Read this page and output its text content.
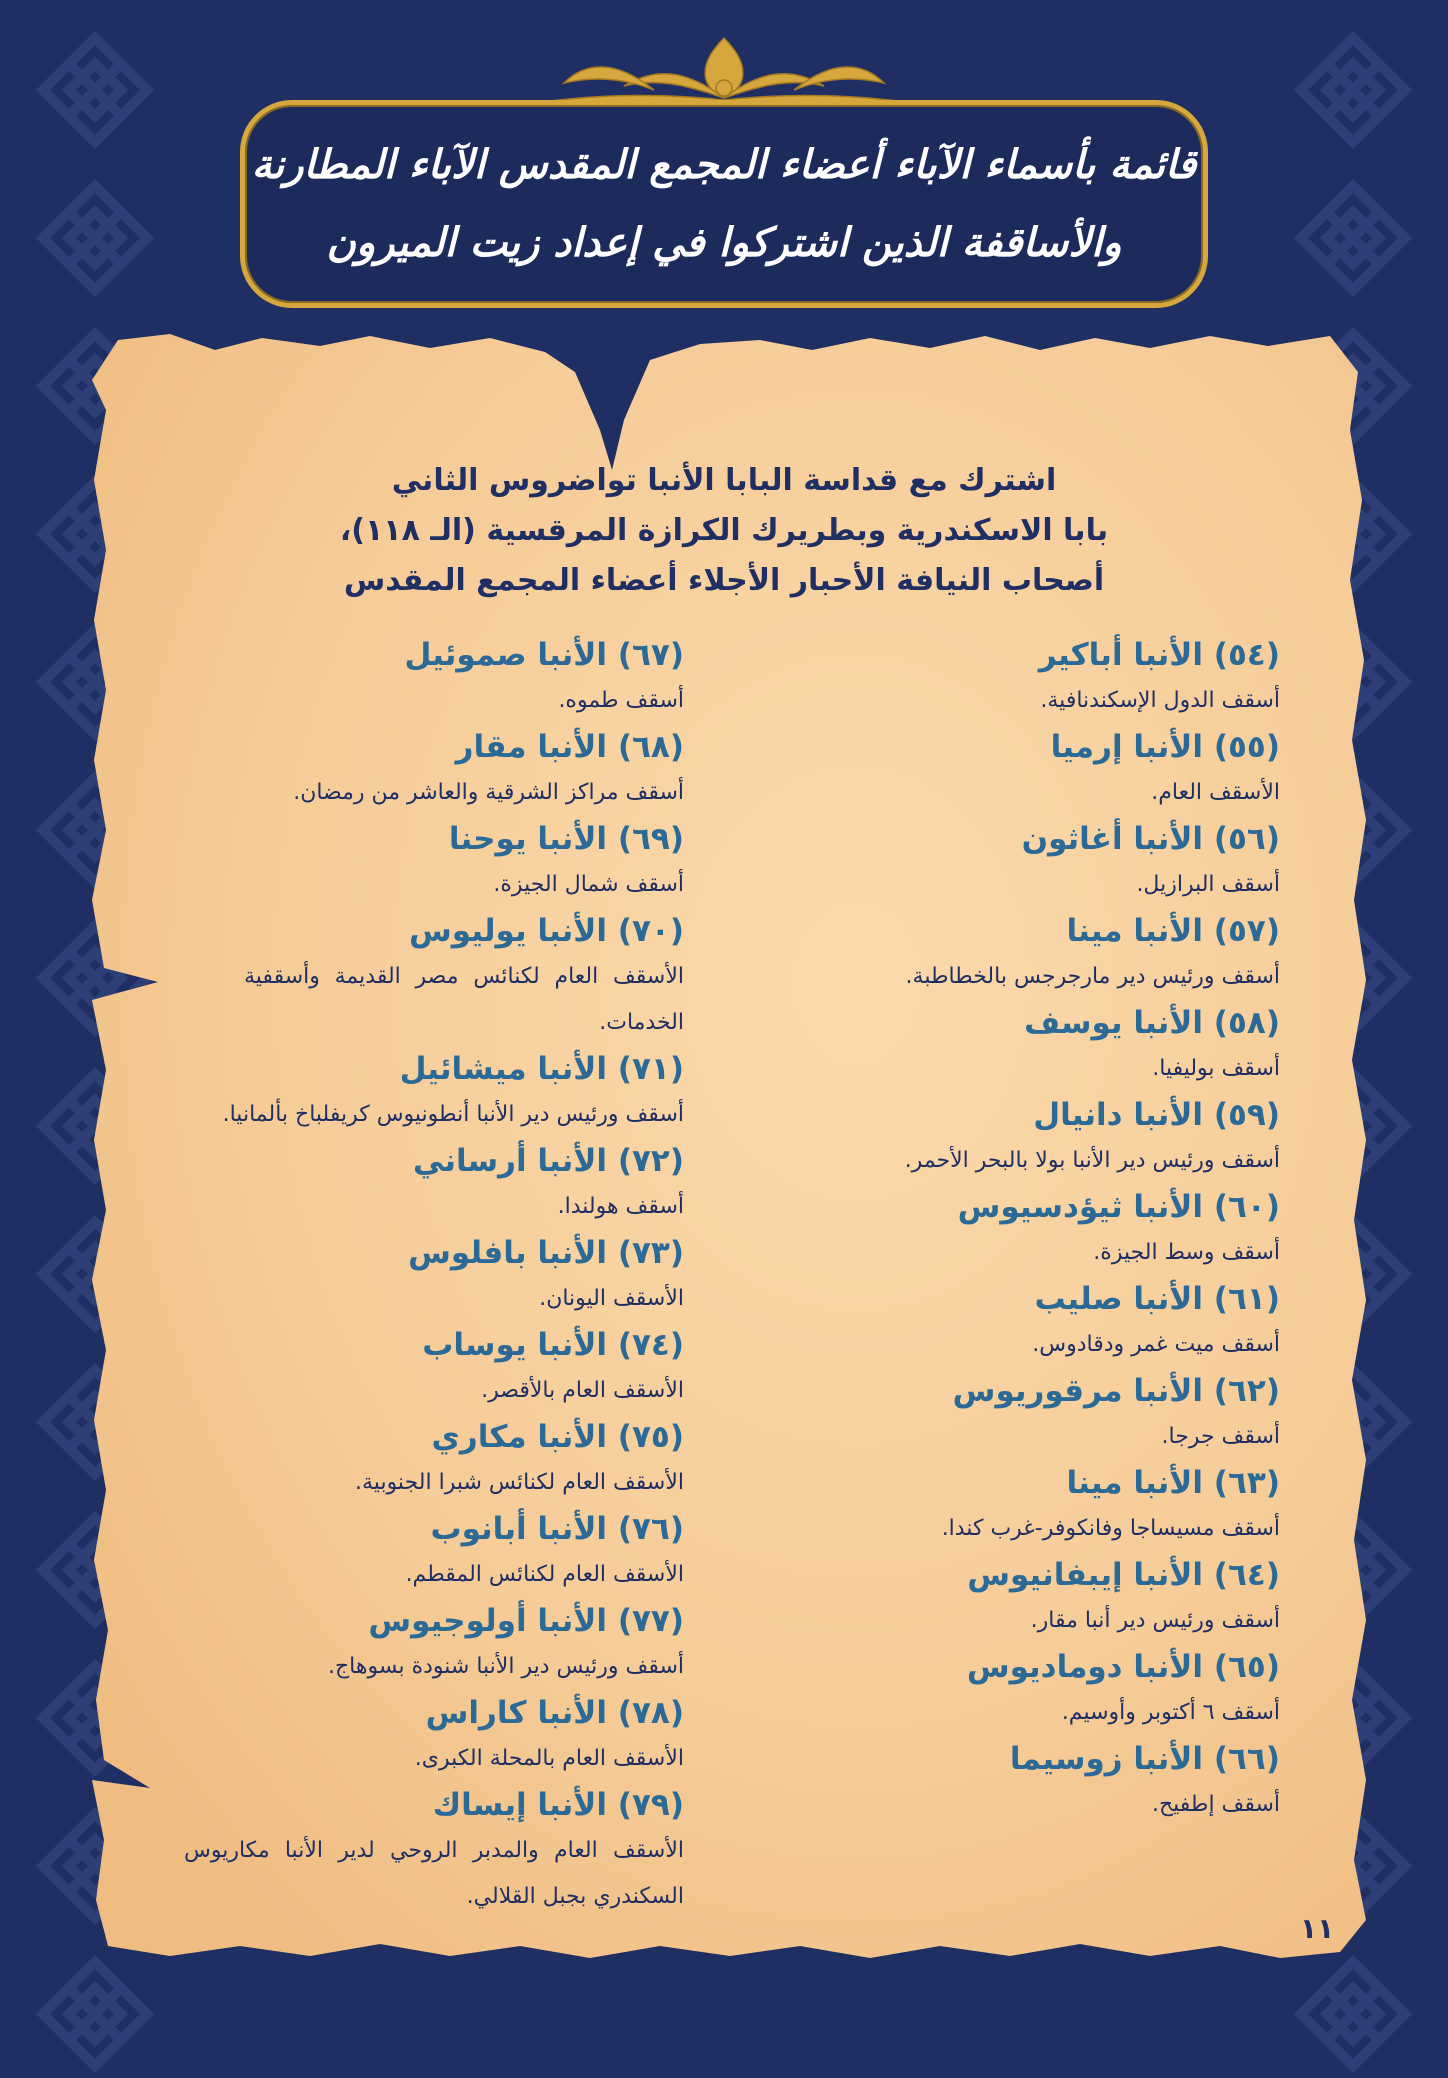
قائمة بأسماء الآباء أعضاء المجمع المقدس الآباء المطارنة
والأساقفة الذين اشتركوا في إعداد زيت الميرون
اشترك مع قداسة البابا الأنبا تواضروس الثاني
بابا الاسكندرية وبطريرك الكرازة المرقسية (الـ ١١٨)،
أصحاب النيافة الأحبار الأجلاء أعضاء المجمع المقدس
(٥٤) الأنبا أباكير
أسقف الدول الإسكندنافية.
(٥٥) الأنبا إرميا
الأسقف العام.
(٥٦) الأنبا أغاثون
أسقف البرازيل.
(٥٧) الأنبا مينا
أسقف ورئيس دير مارجرجس بالخطاطبة.
(٥٨) الأنبا يوسف
أسقف بوليفيا.
(٥٩) الأنبا دانيال
أسقف ورئيس دير الأنبا بولا بالبحر الأحمر.
(٦٠) الأنبا ثيؤدسيوس
أسقف وسط الجيزة.
(٦١) الأنبا صليب
أسقف ميت غمر ودقادوس.
(٦٢) الأنبا مرقوريوس
أسقف جرجا.
(٦٣) الأنبا مينا
أسقف مسيساجا وفانكوفر-غرب كندا.
(٦٤) الأنبا إيبفانيوس
أسقف ورئيس دير أنبا مقار.
(٦٥) الأنبا دوماديوس
أسقف ٦ أكتوبر وأوسيم.
(٦٦) الأنبا زوسيما
أسقف إطفيح.
(٦٧) الأنبا صموئيل
أسقف طموه.
(٦٨) الأنبا مقار
أسقف مراكز الشرقية والعاشر من رمضان.
(٦٩) الأنبا يوحنا
أسقف شمال الجيزة.
(٧٠) الأنبا يوليوس
الأسقف العام لكنائس مصر القديمة وأسقفية الخدمات.
(٧١) الأنبا ميشائيل
أسقف ورئيس دير الأنبا أنطونيوس كريفلباخ بألمانيا.
(٧٢) الأنبا أرساني
أسقف هولندا.
(٧٣) الأنبا بافلوس
الأسقف اليونان.
(٧٤) الأنبا يوساب
الأسقف العام بالأقصر.
(٧٥) الأنبا مكاري
الأسقف العام لكنائس شبرا الجنوبية.
(٧٦) الأنبا أبانوب
الأسقف العام لكنائس المقطم.
(٧٧) الأنبا أولوجيوس
أسقف ورئيس دير الأنبا شنودة بسوهاج.
(٧٨) الأنبا كاراس
الأسقف العام بالمحلة الكبرى.
(٧٩) الأنبا إيساك
الأسقف العام والمدبر الروحي لدير الأنبا مكاريوس السكندري بجبل القلالي.
١١
